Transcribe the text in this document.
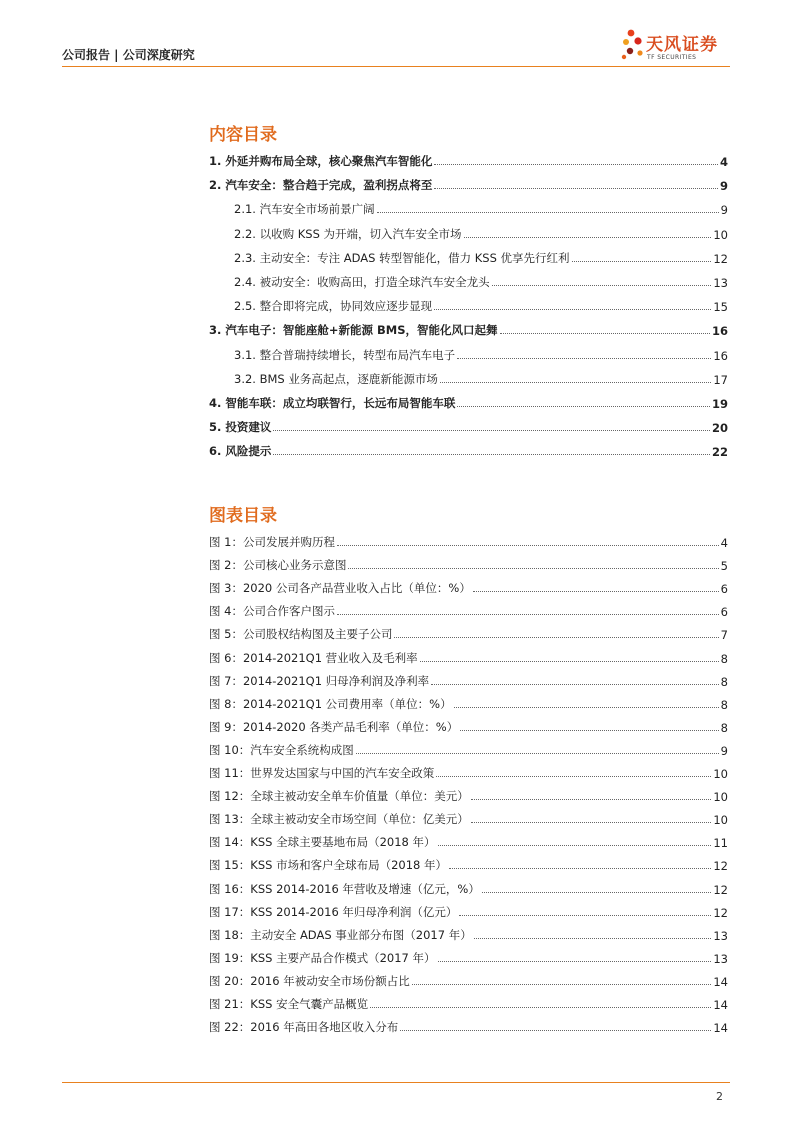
公司报告 | 公司深度研究	天风证券
TF SECURITIES
内容目录
1. 外延并购布局全球，核心聚焦汽车智能化	4
2. 汽车安全：整合趋于完成，盈利拐点将至	9
2.1. 汽车安全市场前景广阔	9
2.2. 以收购 KSS 为开端，切入汽车安全市场	10
2.3. 主动安全：专注 ADAS 转型智能化，借力 KSS 优享先行红利	12
2.4. 被动安全：收购高田，打造全球汽车安全龙头	13
2.5. 整合即将完成，协同效应逐步显现	15
3. 汽车电子：智能座舱+新能源 BMS，智能化风口起舞	16
3.1. 整合普瑞持续增长，转型布局汽车电子	16
3.2. BMS 业务高起点，逐鹿新能源市场	17
4. 智能车联：成立均联智行，长远布局智能车联	19
5. 投资建议	20
6. 风险提示	22
图表目录
图 1：公司发展并购历程	4
图 2：公司核心业务示意图	5
图 3：2020 公司各产品营业收入占比（单位：%）	6
图 4：公司合作客户图示	6
图 5：公司股权结构图及主要子公司	7
图 6：2014-2021Q1 营业收入及毛利率	8
图 7：2014-2021Q1 归母净利润及净利率	8
图 8：2014-2021Q1 公司费用率（单位：%）	8
图 9：2014-2020 各类产品毛利率（单位：%）	8
图 10：汽车安全系统构成图	9
图 11：世界发达国家与中国的汽车安全政策	10
图 12：全球主被动安全单车价值量（单位：美元）	10
图 13：全球主被动安全市场空间（单位：亿美元）	10
图 14：KSS 全球主要基地布局（2018 年）	11
图 15：KSS 市场和客户全球布局（2018 年）	12
图 16：KSS 2014-2016 年营收及增速（亿元，%）	12
图 17：KSS 2014-2016 年归母净利润（亿元）	12
图 18：主动安全 ADAS 事业部分布图（2017 年）	13
图 19：KSS 主要产品合作模式（2017 年）	13
图 20：2016 年被动安全市场份额占比	14
图 21：KSS 安全气囊产品概览	14
图 22：2016 年高田各地区收入分布	14
2
